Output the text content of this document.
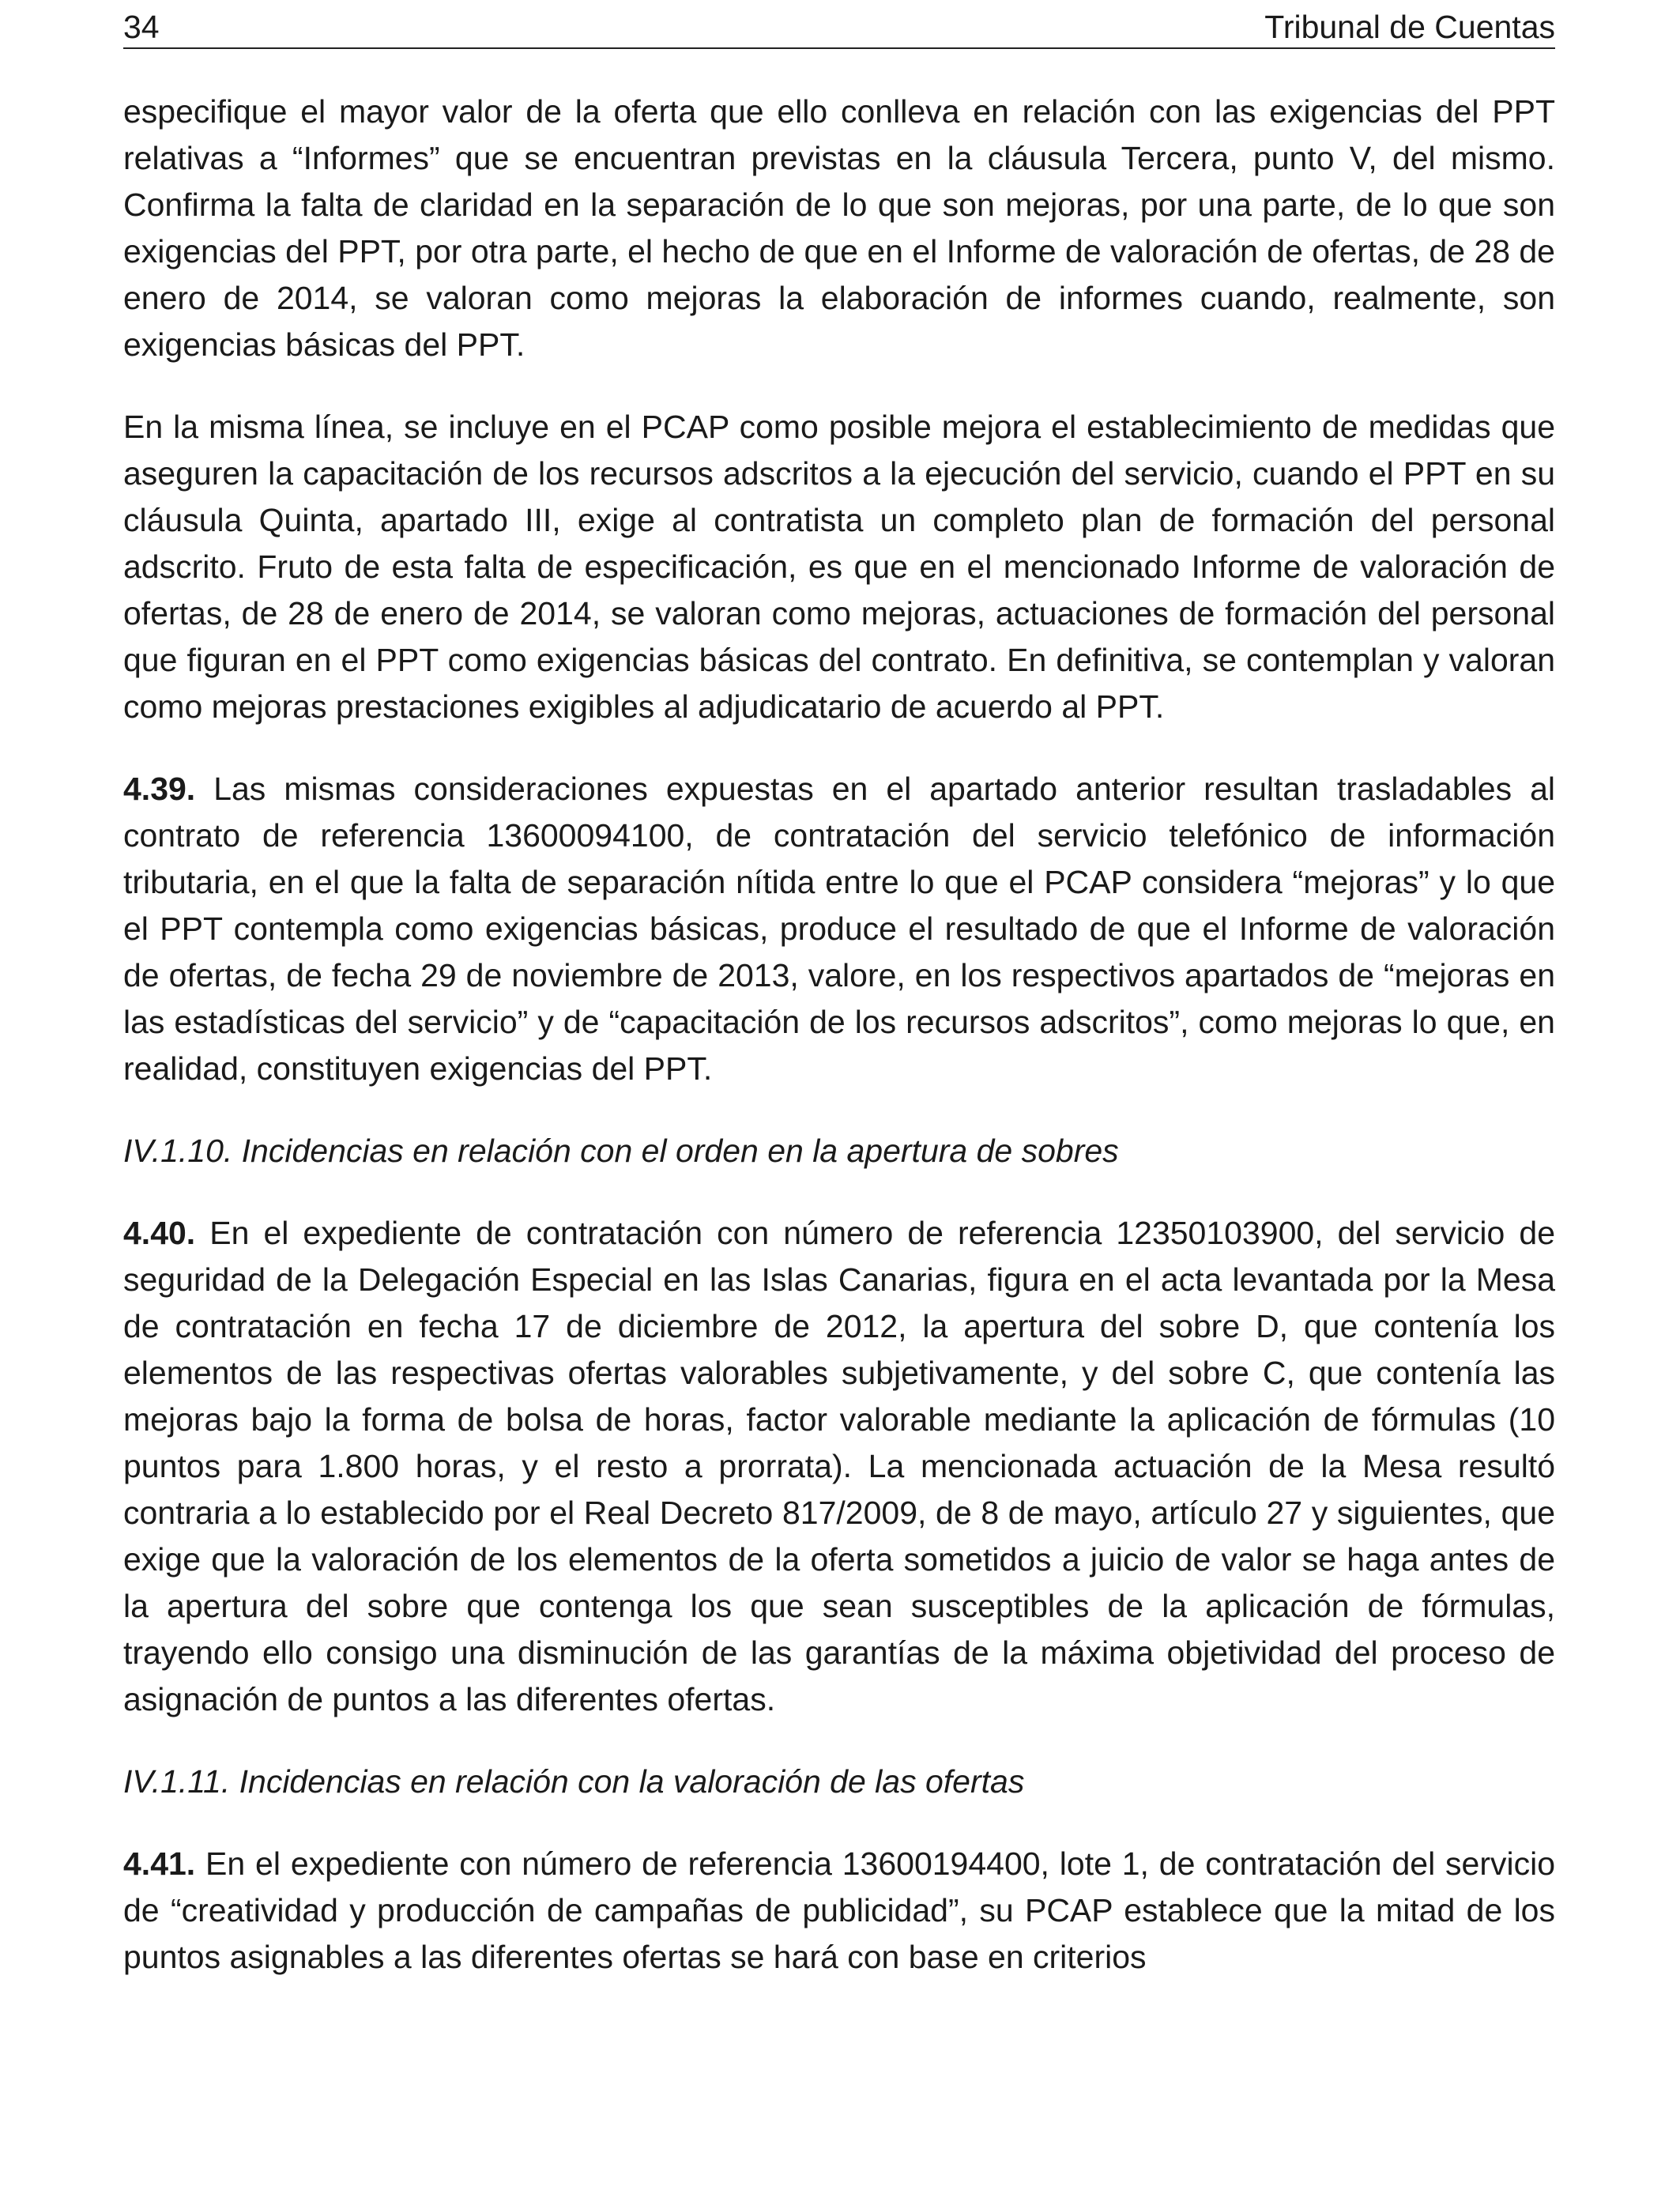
34	Tribunal de Cuentas

especifique el mayor valor de la oferta que ello conlleva en relación con las exigencias del PPT relativas a “Informes” que se encuentran previstas en la cláusula Tercera, punto V, del mismo. Confirma la falta de claridad en la separación de lo que son mejoras, por una parte, de lo que son exigencias del PPT, por otra parte, el hecho de que en el Informe de valoración de ofertas, de 28 de enero de 2014, se valoran como mejoras la elaboración de informes cuando, realmente, son exigencias básicas del PPT.

En la misma línea, se incluye en el PCAP como posible mejora el establecimiento de medidas que aseguren la capacitación de los recursos adscritos a la ejecución del servicio, cuando el PPT en su cláusula Quinta, apartado III, exige al contratista un completo plan de formación del personal adscrito. Fruto de esta falta de especificación, es que en el mencionado Informe de valoración de ofertas, de 28 de enero de 2014, se valoran como mejoras, actuaciones de formación del personal que figuran en el PPT como exigencias básicas del contrato. En definitiva, se contemplan y valoran como mejoras prestaciones exigibles al adjudicatario de acuerdo al PPT.

4.39. Las mismas consideraciones expuestas en el apartado anterior resultan trasladables al contrato de referencia 13600094100, de contratación del servicio telefónico de información tributaria, en el que la falta de separación nítida entre lo que el PCAP considera “mejoras” y lo que el PPT contempla como exigencias básicas, produce el resultado de que el Informe de valoración de ofertas, de fecha 29 de noviembre de 2013, valore, en los respectivos apartados de “mejoras en las estadísticas del servicio” y de “capacitación de los recursos adscritos”, como mejoras lo que, en realidad, constituyen exigencias del PPT.

IV.1.10. Incidencias en relación con el orden en la apertura de sobres

4.40. En el expediente de contratación con número de referencia 12350103900, del servicio de seguridad de la Delegación Especial en las Islas Canarias, figura en el acta levantada por la Mesa de contratación en fecha 17 de diciembre de 2012, la apertura del sobre D, que contenía los elementos de las respectivas ofertas valorables subjetivamente, y del sobre C, que contenía las mejoras bajo la forma de bolsa de horas, factor valorable mediante la aplicación de fórmulas (10 puntos para 1.800 horas, y el resto a prorrata). La mencionada actuación de la Mesa resultó contraria a lo establecido por el Real Decreto 817/2009, de 8 de mayo, artículo 27 y siguientes, que exige que la valoración de los elementos de la oferta sometidos a juicio de valor se haga antes de la apertura del sobre que contenga los que sean susceptibles de la aplicación de fórmulas, trayendo ello consigo una disminución de las garantías de la máxima objetividad del proceso de asignación de puntos a las diferentes ofertas.

IV.1.11. Incidencias en relación con la valoración de las ofertas

4.41. En el expediente con número de referencia 13600194400, lote 1, de contratación del servicio de “creatividad y producción de campañas de publicidad”, su PCAP establece que la mitad de los puntos asignables a las diferentes ofertas se hará con base en criterios
